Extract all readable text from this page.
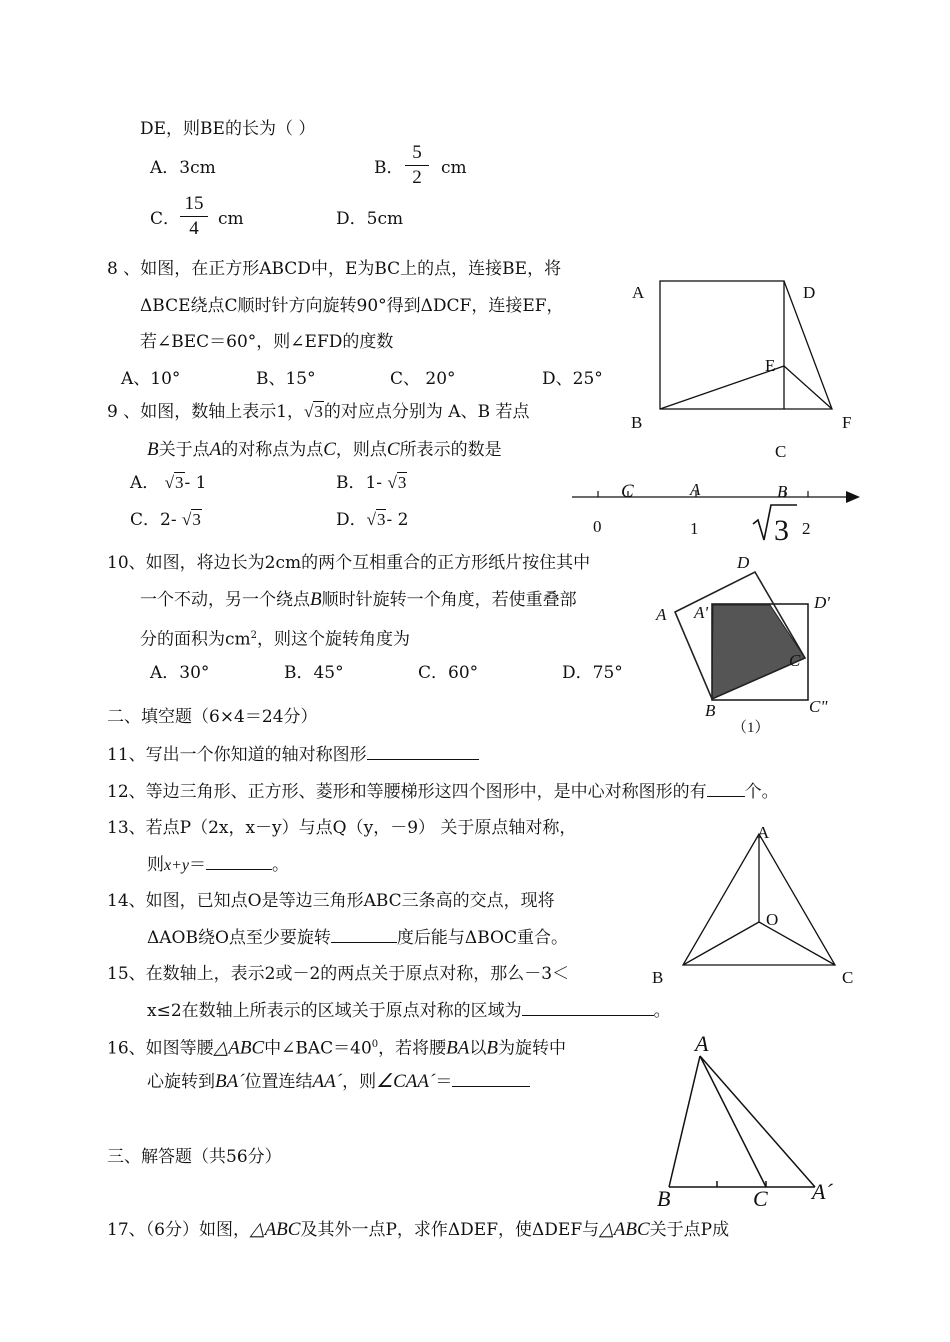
DE，则BE的长为（ ）
A．3cm	B．
5
2	cm
C．
15
4	cm	D．5cm
8 、如图，在正方形ABCD中，E为BC上的点，连接BE，将
ΔBCE绕点C顺时针方向旋转90°得到ΔDCF，连接EF，
若∠BEC＝60°，则∠EFD的度数
A、10°	B、15°	C、 20°	D、25°
A	D
E
B	F
C
9 、如图，数轴上表示1，√3的对应点分别为 A、B 若点
B关于点A的对称点为点C，则点C所表示的数是
A． √3- 1	B．1- √3
C．2- √3	D．√3- 2
C	A	B
0	1	2
3
10、如图，将边长为2cm的两个互相重合的正方形纸片按住其中
一个不动，另一个绕点B顺时针旋转一个角度，若使重叠部
分的面积为$cm^2$，则这个旋转角度为
A．30°	B．45°	C．60°	D．75°
D
A'
D'
A
C
B	C"
（1）
二、填空题（6×4＝24分）
11、写出一个你知道的轴对称图形
12、等边三角形、正方形、菱形和等腰梯形这四个图形中，是中心对称图形的有 个。
13、若点P（2x，x－y）与点Q（y，－9） 关于原点轴对称，
则x+y＝	。
14、如图，已知点O是等边三角形ABC三条高的交点，现将
ΔAOB绕O点至少要旋转	度后能与ΔBOC重合。
A
O
B	C
15、在数轴上，表示2或－2的两点关于原点对称，那么－3＜
x≤2在数轴上所表示的区域关于原点对称的区域为	。
16、如图等腰△ABC中$\angle BAC=40^0$，若将腰BA以B为旋转中
心旋转到BA´位置连结AA´，则∠CAA´＝
A
B	C A´
三、解答题（共56分）
17、（6分）如图，△ABC及其外一点P，求作ΔDEF，使ΔDEF与△ABC关于点P成
